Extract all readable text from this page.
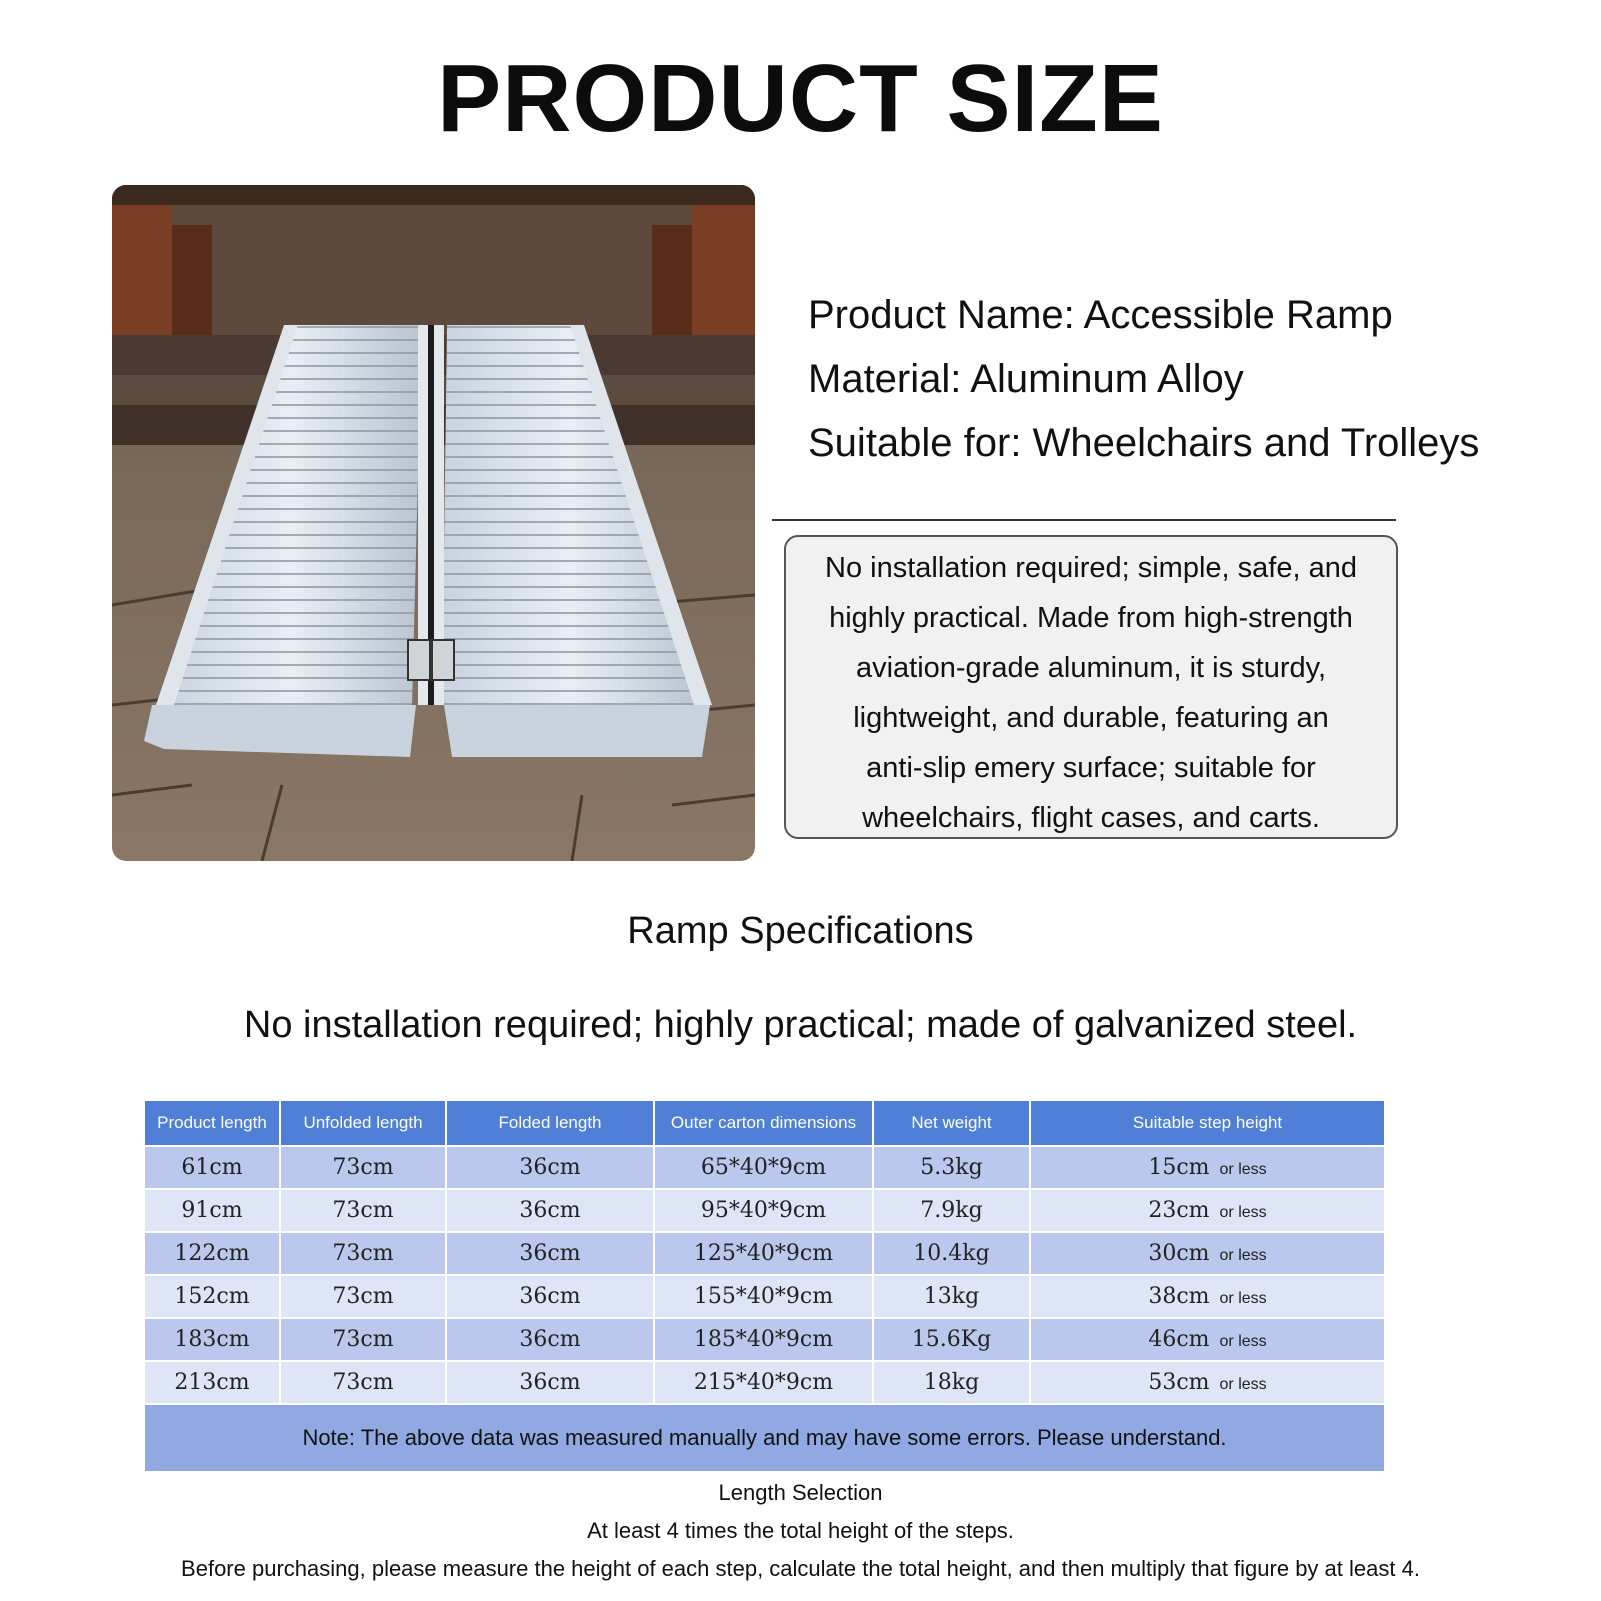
PRODUCT SIZE
Product Name: Accessible Ramp
Material: Aluminum Alloy
Suitable for: Wheelchairs and Trolleys
No installation required; simple, safe, and
highly practical. Made from high-strength
aviation-grade aluminum, it is sturdy,
lightweight, and durable, featuring an
anti-slip emery surface; suitable for
wheelchairs, flight cases, and carts.
Ramp Specifications
No installation required; highly practical; made of galvanized steel.
Product length	Unfolded length	Folded length	Outer carton dimensions	Net weight	Suitable step height
61cm	73cm	36cm	65*40*9cm	5.3kg	15cm or less
91cm	73cm	36cm	95*40*9cm	7.9kg	23cm or less
122cm	73cm	36cm	125*40*9cm	10.4kg	30cm or less
152cm	73cm	36cm	155*40*9cm	13kg	38cm or less
183cm	73cm	36cm	185*40*9cm	15.6Kg	46cm or less
213cm	73cm	36cm	215*40*9cm	18kg	53cm or less
Note: The above data was measured manually and may have some errors. Please understand.
Length Selection
At least 4 times the total height of the steps.
Before purchasing, please measure the height of each step, calculate the total height, and then multiply that figure by at least 4.
